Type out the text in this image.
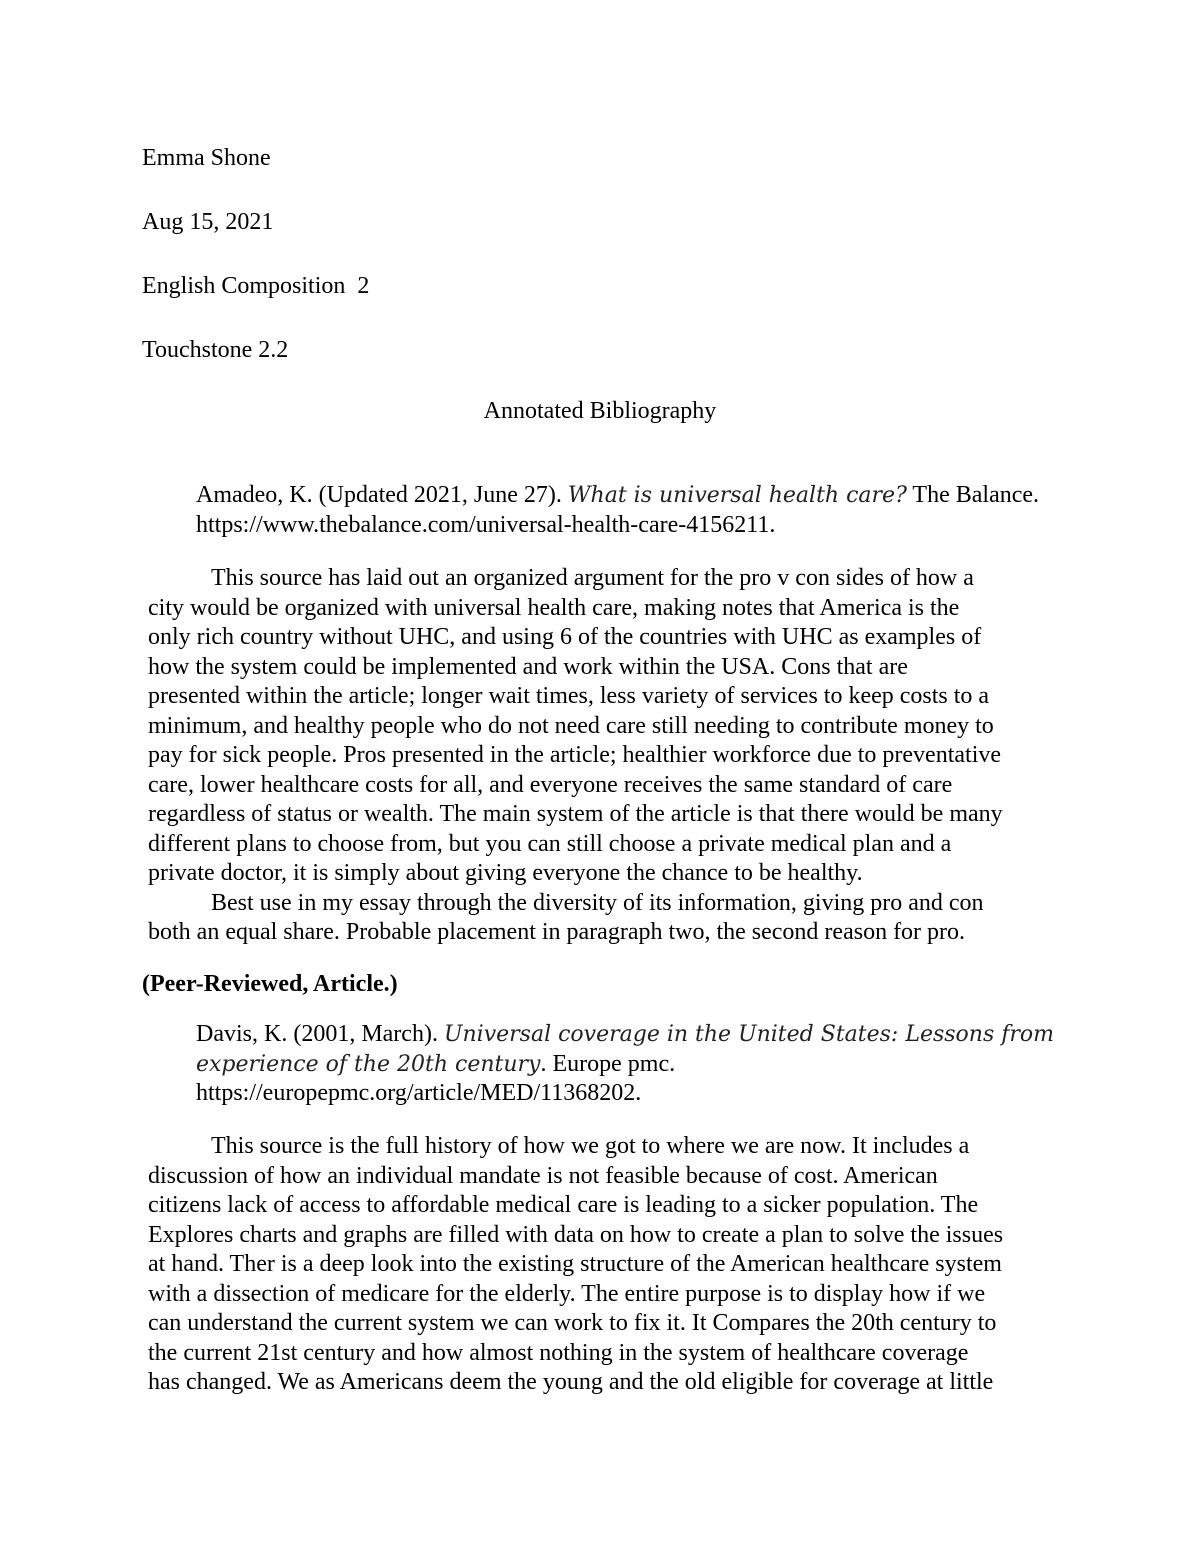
Emma Shone

Aug 15, 2021

English Composition  2

Touchstone 2.2

Annotated Bibliography

Amadeo, K. (Updated 2021, June 27). What is universal health care? The Balance.
https://www.thebalance.com/universal-health-care-4156211.
This source has laid out an organized argument for the pro v con sides of how a
city would be organized with universal health care, making notes that America is the
only rich country without UHC, and using 6 of the countries with UHC as examples of
how the system could be implemented and work within the USA. Cons that are
presented within the article; longer wait times, less variety of services to keep costs to a
minimum, and healthy people who do not need care still needing to contribute money to
pay for sick people. Pros presented in the article; healthier workforce due to preventative
care, lower healthcare costs for all, and everyone receives the same standard of care
regardless of status or wealth. The main system of the article is that there would be many
different plans to choose from, but you can still choose a private medical plan and a
private doctor, it is simply about giving everyone the chance to be healthy.
Best use in my essay through the diversity of its information, giving pro and con
both an equal share. Probable placement in paragraph two, the second reason for pro.

(Peer-Reviewed, Article.)

Davis, K. (2001, March). Universal coverage in the United States: Lessons from
experience of the 20th century. Europe pmc.
https://europepmc.org/article/MED/11368202.
This source is the full history of how we got to where we are now. It includes a
discussion of how an individual mandate is not feasible because of cost. American
citizens lack of access to affordable medical care is leading to a sicker population. The
Explores charts and graphs are filled with data on how to create a plan to solve the issues
at hand. Ther is a deep look into the existing structure of the American healthcare system
with a dissection of medicare for the elderly. The entire purpose is to display how if we
can understand the current system we can work to fix it. It Compares the 20th century to
the current 21st century and how almost nothing in the system of healthcare coverage
has changed. We as Americans deem the young and the old eligible for coverage at little
